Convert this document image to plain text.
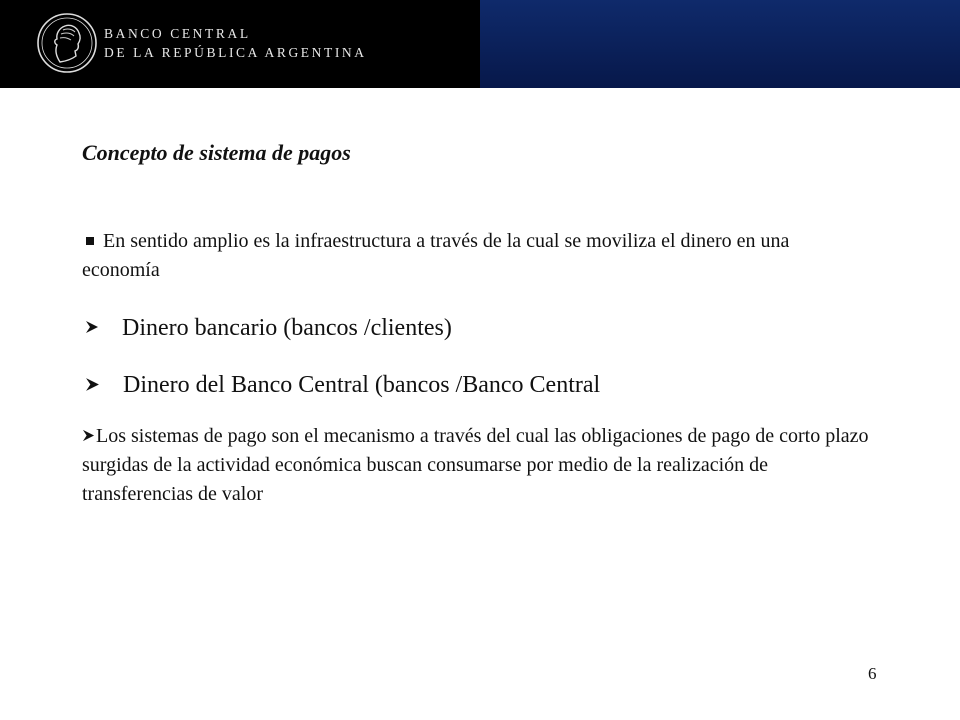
BANCO CENTRAL
DE LA REPÚBLICA ARGENTINA
Concepto de sistema de pagos
En sentido amplio es la infraestructura a través de la cual se moviliza el dinero en una economía
Dinero bancario (bancos /clientes)
Dinero del Banco Central (bancos /Banco Central
Los sistemas de pago son el mecanismo a través del cual las obligaciones de pago de corto plazo surgidas de la actividad económica buscan consumarse por medio de la realización de transferencias de valor
6
